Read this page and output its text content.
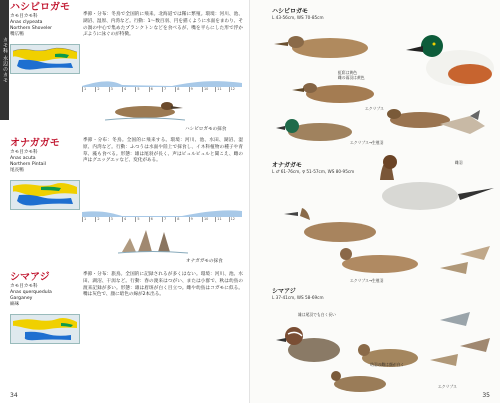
カモ科 水辺のカモ
ハシビロガモ
カモ目カモ科
Anas clypeata
Northern Shoveler
嘴広鴨
季節・分布：冬鳥で全国的に飛来。北海道では稀に繁殖。環境：河川、池、湖沼、湿原、内湾など。行動：1〜数百羽、円を描くように水面をまわり、その渦の中心で集めたプランクトンなどを食べるが、嘴を平らにした形で浮かぶように泳ぐのが特徴。
1	2	3	4	5	6	7	8	9	10	11	12
ハシビロガモの採食
オナガガモ
カモ目カモ科
Anas acuta
Northern Pintail
尾長鴨
季節・分布：冬鳥。全国的に飛来する。環境：河川、池、水田、湖沼、湿原、内湾など。行動：ふつうは水面や陸上で採食し、イネ科植物の種子や青草、藻も食べる。形態：雄は尾羽が長く、声はピュルピュルと聞こえ、雌の声はグエッグエッなど、変化がある。
1	2	3	4	5	6	7	8	9	10	11	12
オナガガモの採食
シマアジ
カモ目カモ科
Anas querquedula
Garganey
縞味
季節・分布：旅鳥。全国的に記録されるが多くはない。環境：河川、池、水田、湖沼、干潟など。行動：春の渡来はつがい、または小群で、秋は幼鳥の渡来記録が多い。形態：雄は眉斑が白く目立つ。雌や幼鳥はコガモに似る。嘴は灰色で、顔に暗色の線が2本出る。
34
ハシビロガモ
L 43-56cm, WS 70-85cm
虹彩は黄色
雌の雨羽は黄色
エクリプス
エクリプス→生殖羽
雌羽
オナガガモ
L ♂ 61-76cm, ♀ 51-57cm, WS 80-95cm
エクリプス→生殖羽
シマアジ
L 37-41cm, WS 58-69cm
雄は尾羽でも白く長い
幼羽の雌は顔が白く
エクリプス
35
